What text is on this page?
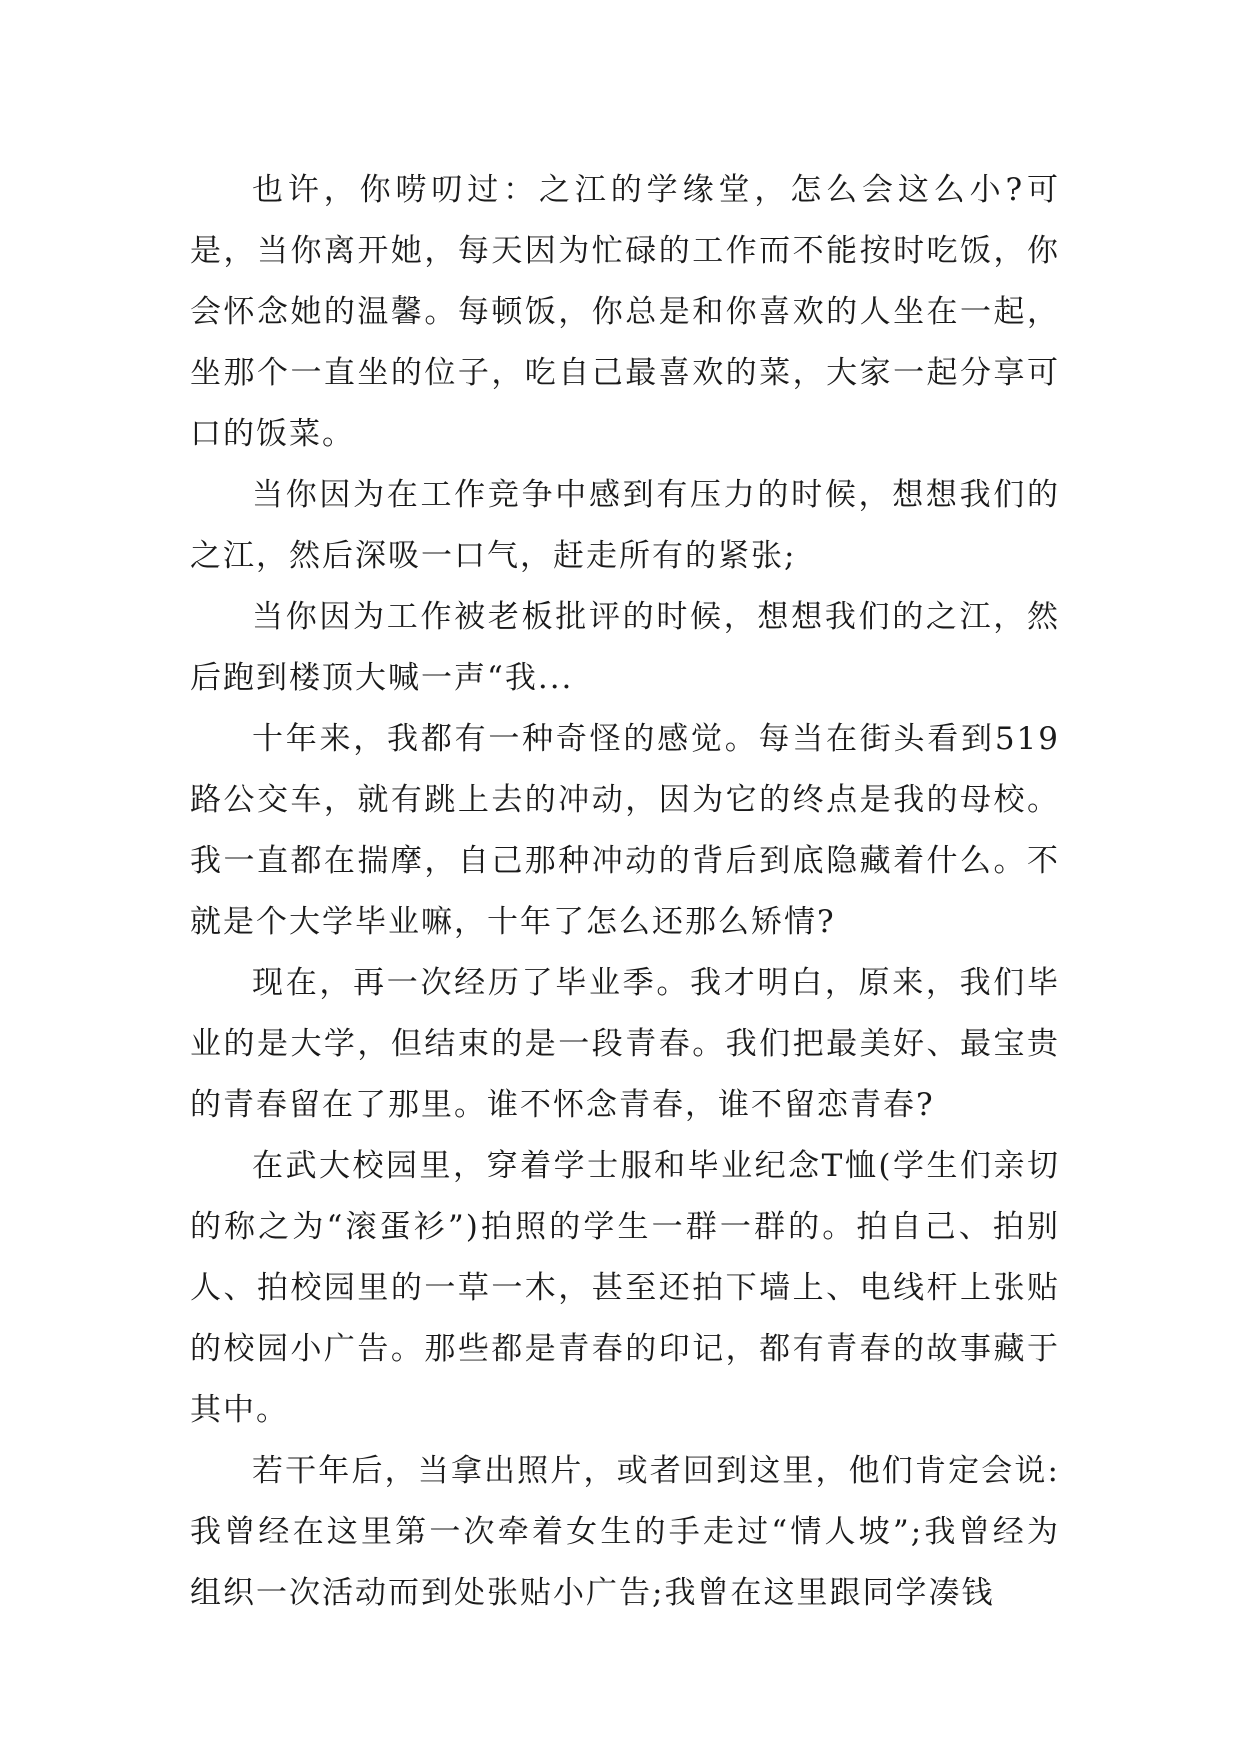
也许，你唠叨过：之江的学缘堂，怎么会这么小?可是，当你离开她，每天因为忙碌的工作而不能按时吃饭，你会怀念她的温馨。每顿饭，你总是和你喜欢的人坐在一起，坐那个一直坐的位子，吃自己最喜欢的菜，大家一起分享可口的饭菜。

当你因为在工作竞争中感到有压力的时候，想想我们的之江，然后深吸一口气，赶走所有的紧张;

当你因为工作被老板批评的时候，想想我们的之江，然后跑到楼顶大喊一声“我...

十年来，我都有一种奇怪的感觉。每当在街头看到519路公交车，就有跳上去的冲动，因为它的终点是我的母校。我一直都在揣摩，自己那种冲动的背后到底隐藏着什么。不就是个大学毕业嘛，十年了怎么还那么矫情?

现在，再一次经历了毕业季。我才明白，原来，我们毕业的是大学，但结束的是一段青春。我们把最美好、最宝贵的青春留在了那里。谁不怀念青春，谁不留恋青春?

在武大校园里，穿着学士服和毕业纪念T恤(学生们亲切的称之为“滚蛋衫”)拍照的学生一群一群的。拍自己、拍别人、拍校园里的一草一木，甚至还拍下墙上、电线杆上张贴的校园小广告。那些都是青春的印记，都有青春的故事藏于其中。

若干年后，当拿出照片，或者回到这里，他们肯定会说:我曾经在这里第一次牵着女生的手走过“情人坡”;我曾经为组织一次活动而到处张贴小广告;我曾在这里跟同学凑钱
